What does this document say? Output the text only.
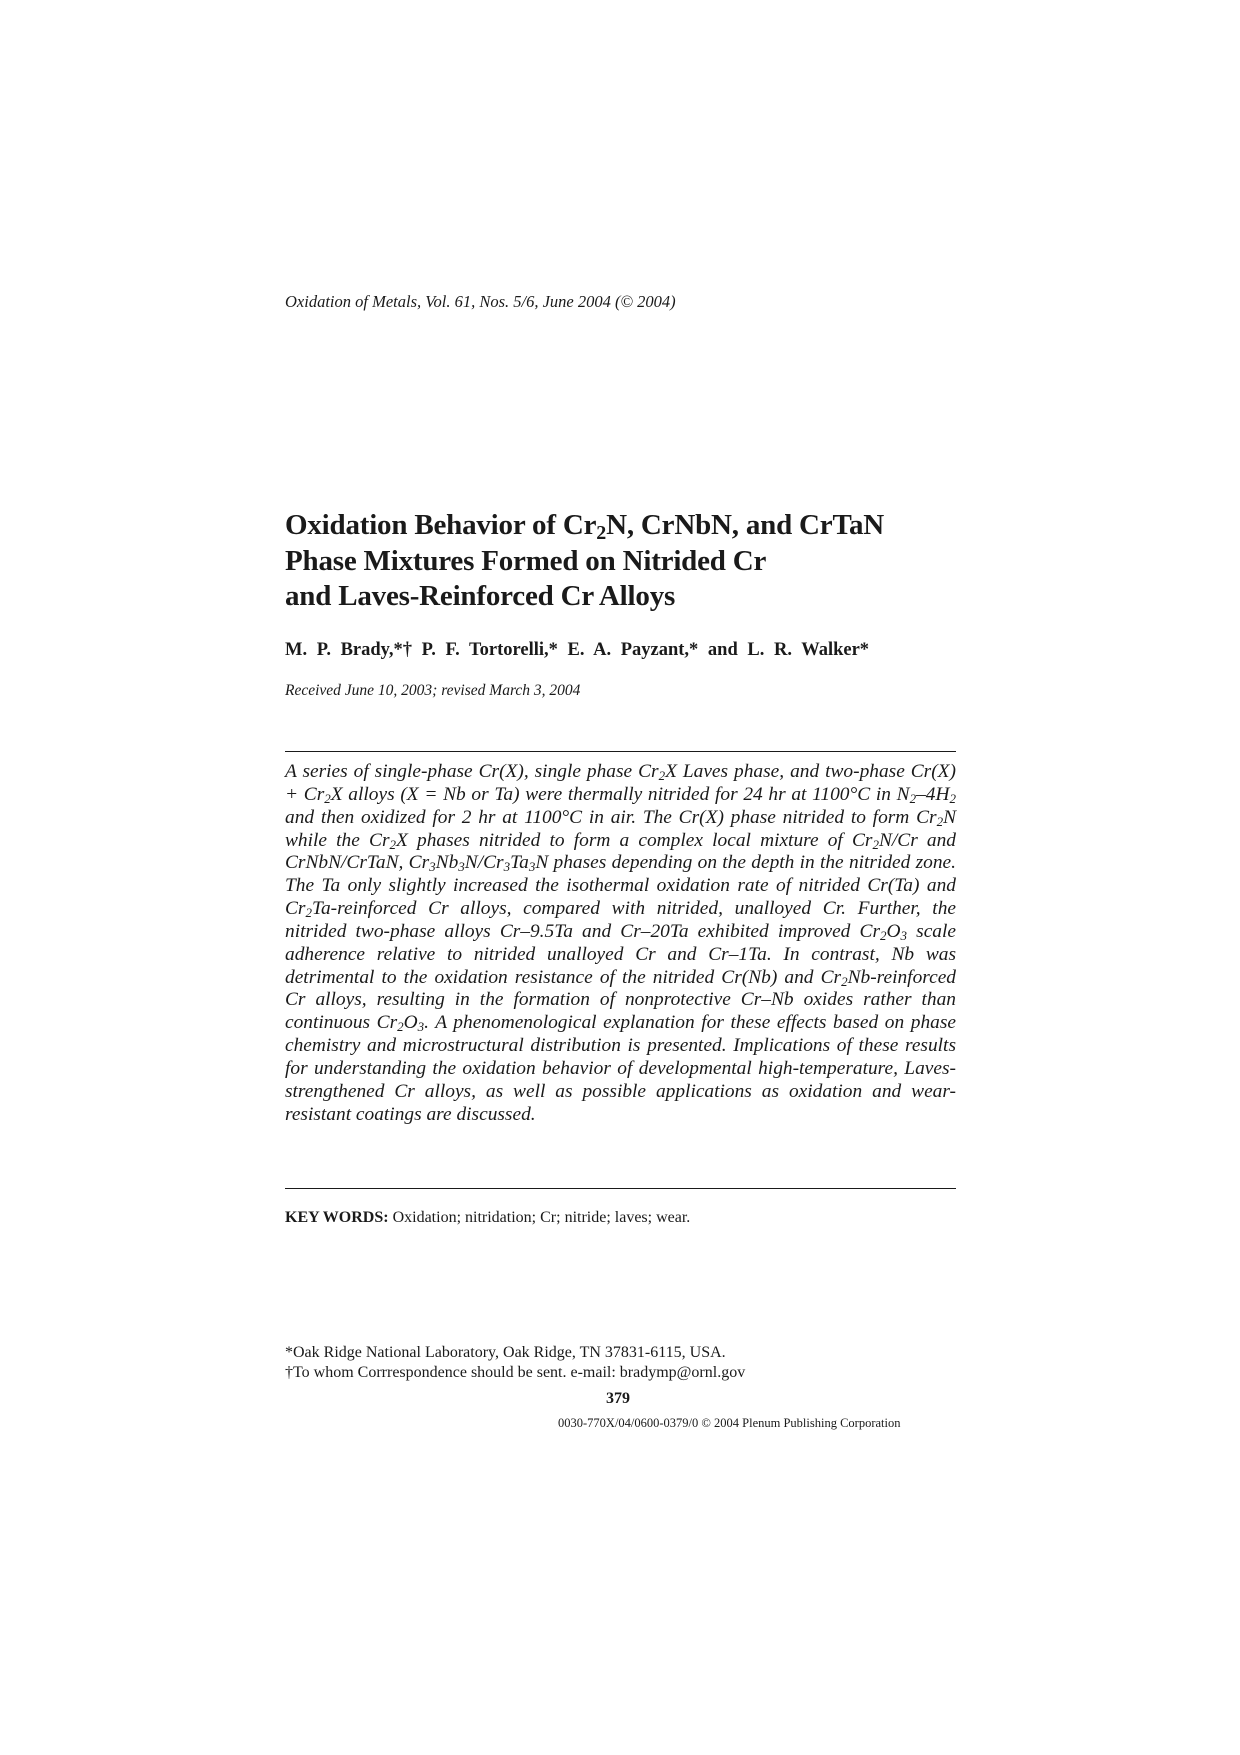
Oxidation of Metals, Vol. 61, Nos. 5/6, June 2004 (© 2004)
Oxidation Behavior of $Cr_2N$, CrNbN, and CrTaN
Phase Mixtures Formed on Nitrided Cr
and Laves-Reinforced Cr Alloys
M. P. Brady,*† P. F. Tortorelli,* E. A. Payzant,* and L. R. Walker*
Received June 10, 2003; revised March 3, 2004

A series of single-phase Cr(X), single phase $Cr_2X$ Laves phase, and two-phase $Cr(X) + Cr_2X$ alloys (X = Nb or Ta) were thermally nitrided for 24 hr at 1100°C in $N_2-4H_2$ and then oxidized for 2 hr at 1100°C in air. The Cr(X) phase nitrided to form $Cr_2N$ while the $Cr_2X$ phases nitrided to form a complex local mixture of $Cr_2N/Cr$ and CrNbN/CrTaN, $Cr_3Nb_3N/Cr_3Ta_3N$ phases depending on the depth in the nitrided zone. The Ta only slightly increased the isothermal oxidation rate of nitrided Cr(Ta) and $Cr_2Ta$-reinforced Cr alloys, compared with nitrided, unalloyed Cr. Further, the nitrided two-phase alloys Cr–9.5Ta and Cr–20Ta exhibited improved $Cr_2O_3$ scale adherence relative to nitrided unalloyed Cr and Cr–1Ta. In contrast, Nb was detrimental to the oxidation resistance of the nitrided Cr(Nb) and $Cr_2Nb$-reinforced Cr alloys, resulting in the formation of nonprotective Cr–Nb oxides rather than continuous $Cr_2O_3$. A phenomenological explanation for these effects based on phase chemistry and microstructural distribution is presented. Implications of these results for understanding the oxidation behavior of developmental high-temperature, Laves-strengthened Cr alloys, as well as possible applications as oxidation and wear-resistant coatings are discussed.

KEY WORDS: Oxidation; nitridation; Cr; nitride; laves; wear.
*Oak Ridge National Laboratory, Oak Ridge, TN 37831-6115, USA.
†To whom Corrrespondence should be sent. e-mail: bradymp@ornl.gov
379
0030-770X/04/0600-0379/0 © 2004 Plenum Publishing Corporation
